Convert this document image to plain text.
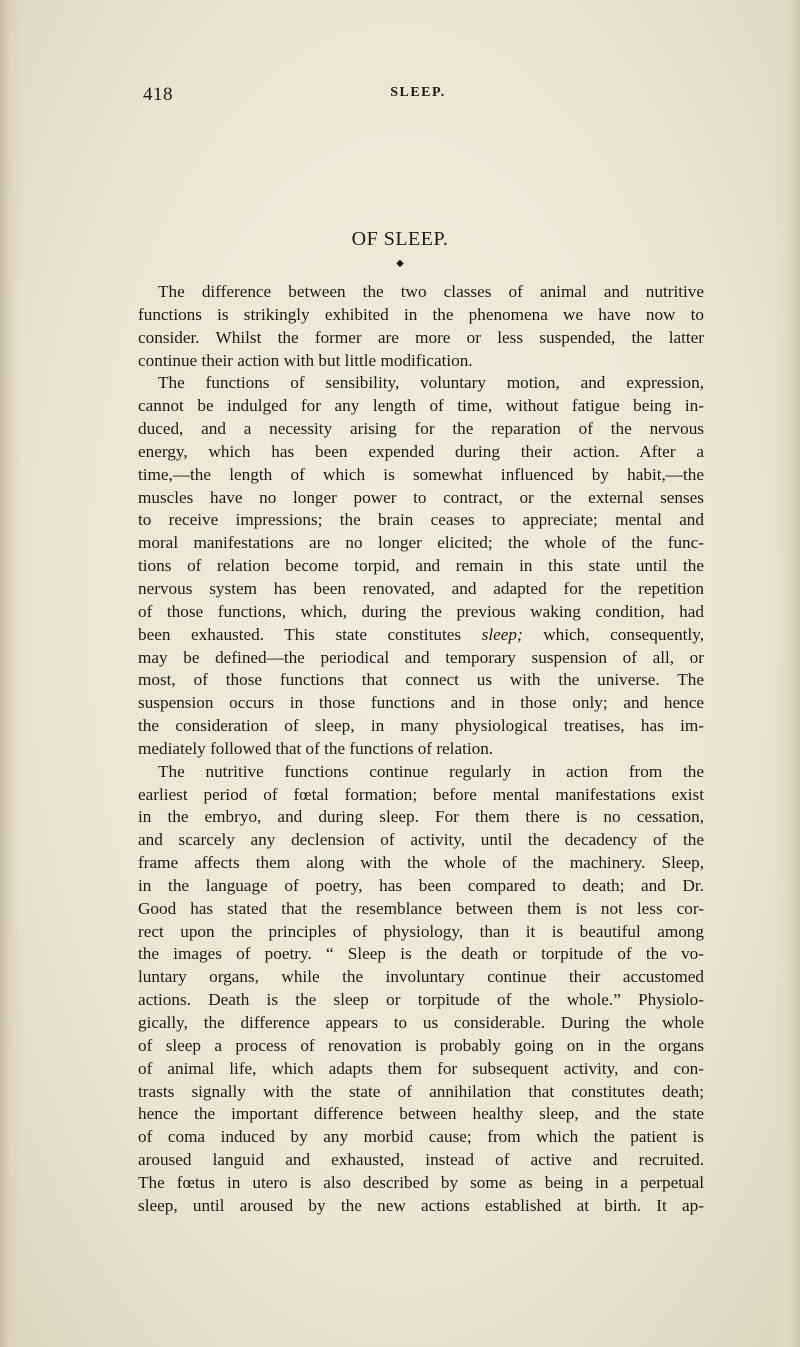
418	SLEEP.
OF SLEEP.
◆
The difference between the two classes of animal and nutritive
functions is strikingly exhibited in the phenomena we have now to
consider. Whilst the former are more or less suspended, the latter
continue their action with but little modification.
The functions of sensibility, voluntary motion, and expression,
cannot be indulged for any length of time, without fatigue being in-
duced, and a necessity arising for the reparation of the nervous
energy, which has been expended during their action. After a
time,—the length of which is somewhat influenced by habit,—the
muscles have no longer power to contract, or the external senses
to receive impressions; the brain ceases to appreciate; mental and
moral manifestations are no longer elicited; the whole of the func-
tions of relation become torpid, and remain in this state until the
nervous system has been renovated, and adapted for the repetition
of those functions, which, during the previous waking condition, had
been exhausted. This state constitutes sleep; which, consequently,
may be defined—the periodical and temporary suspension of all, or
most, of those functions that connect us with the universe. The
suspension occurs in those functions and in those only; and hence
the consideration of sleep, in many physiological treatises, has im-
mediately followed that of the functions of relation.
The nutritive functions continue regularly in action from the
earliest period of fœtal formation; before mental manifestations exist
in the embryo, and during sleep. For them there is no cessation,
and scarcely any declension of activity, until the decadency of the
frame affects them along with the whole of the machinery. Sleep,
in the language of poetry, has been compared to death; and Dr.
Good has stated that the resemblance between them is not less cor-
rect upon the principles of physiology, than it is beautiful among
the images of poetry. “ Sleep is the death or torpitude of the vo-
luntary organs, while the involuntary continue their accustomed
actions. Death is the sleep or torpitude of the whole.” Physiolo-
gically, the difference appears to us considerable. During the whole
of sleep a process of renovation is probably going on in the organs
of animal life, which adapts them for subsequent activity, and con-
trasts signally with the state of annihilation that constitutes death;
hence the important difference between healthy sleep, and the state
of coma induced by any morbid cause; from which the patient is
aroused languid and exhausted, instead of active and recruited.
The fœtus in utero is also described by some as being in a perpetual
sleep, until aroused by the new actions established at birth. It ap-
